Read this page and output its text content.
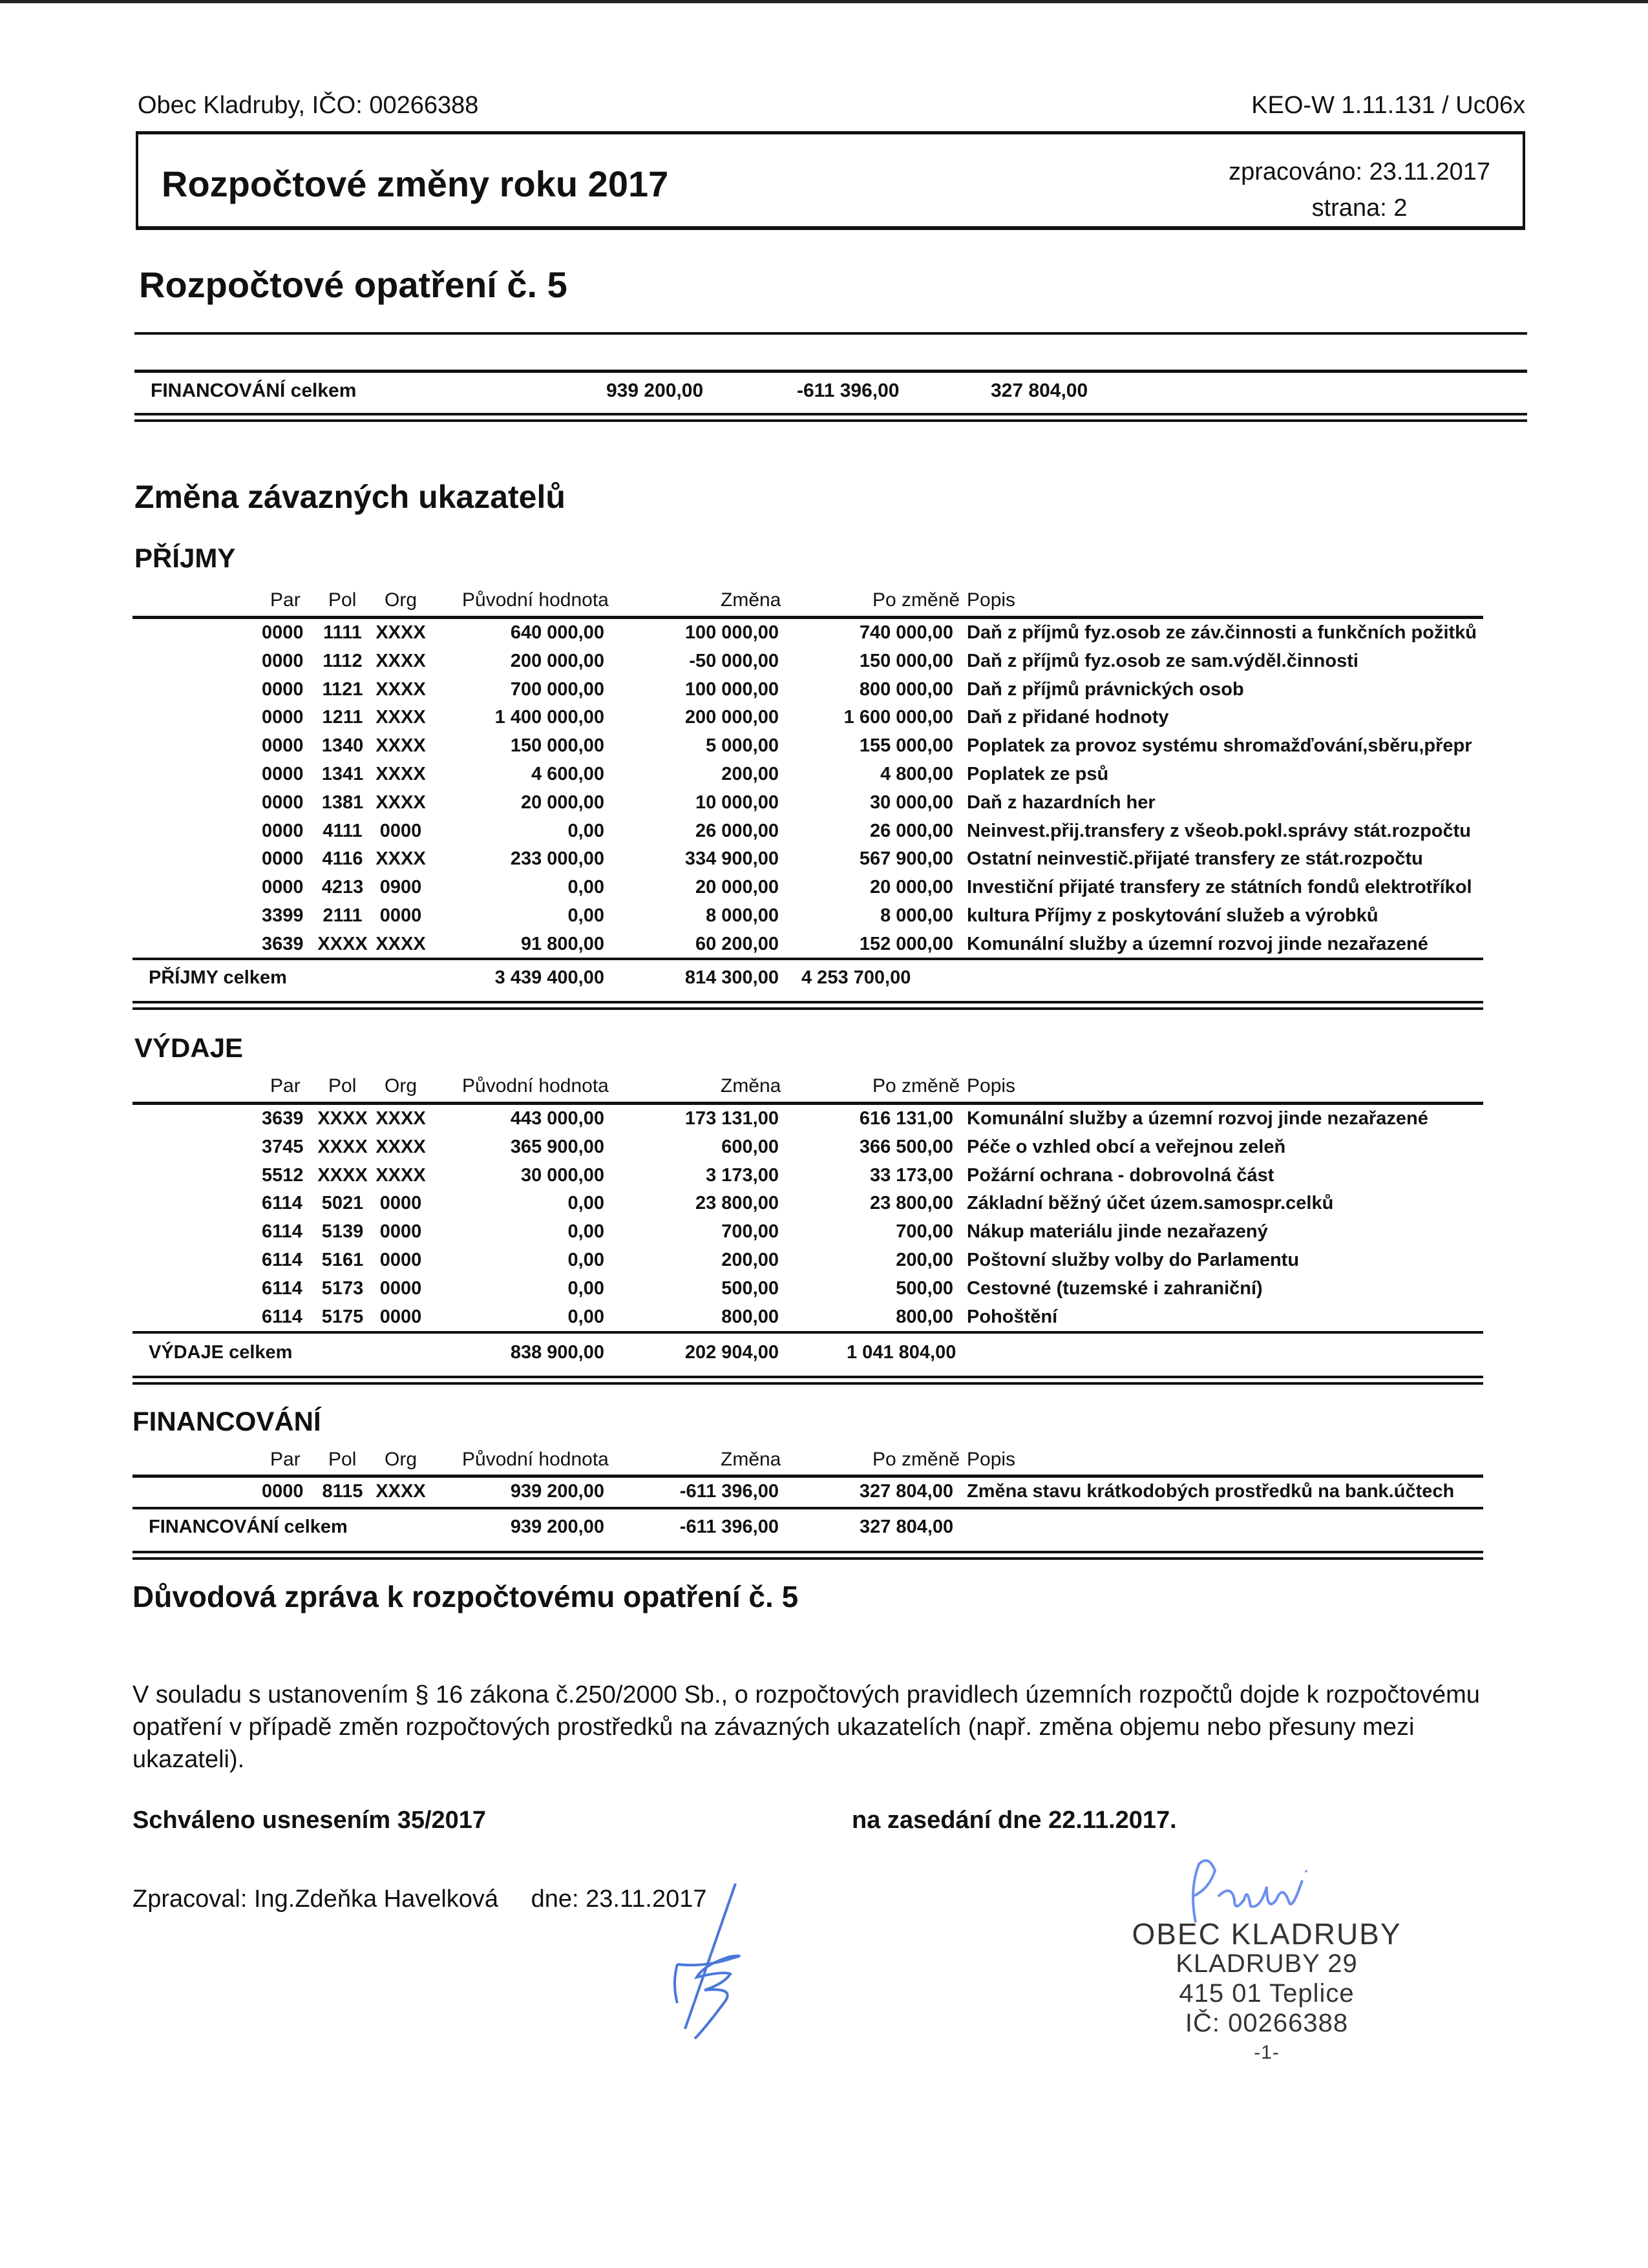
Obec Kladruby, IČO: 00266388	KEO-W 1.11.131 / Uc06x
Rozpočtové změny roku 2017	zpracováno: 23.11.2017
strana: 2
Rozpočtové opatření č. 5
FINANCOVÁNÍ celkem	939 200,00	-611 396,00	327 804,00
Změna závazných ukazatelů
PŘÍJMY
Par Pol Org Původní hodnota	Změna	Po změně Popis
0000	1111 XXXX	640 000,00	100 000,00	740 000,00 Daň z příjmů fyz.osob ze záv.činnosti a funkčních požitků
0000	1112 XXXX	200 000,00	-50 000,00	150 000,00 Daň z příjmů fyz.osob ze sam.výděl.činnosti
0000	1121 XXXX	700 000,00	100 000,00	800 000,00 Daň z příjmů právnických osob
0000	1211 XXXX	1 400 000,00	200 000,00	1 600 000,00 Daň z přidané hodnoty
0000 1340 XXXX	150 000,00	5 000,00	155 000,00 Poplatek za provoz systému shromažďování,sběru,přepr
0000 1341 XXXX	4 600,00	200,00	4 800,00 Poplatek ze psů
0000 1381 XXXX	20 000,00	10 000,00	30 000,00 Daň z hazardních her
0000	4111 0000	0,00	26 000,00	26 000,00 Neinvest.přij.transfery z všeob.pokl.správy stát.rozpočtu
0000	4116 XXXX	233 000,00	334 900,00	567 900,00 Ostatní neinvestič.přijaté transfery ze stát.rozpočtu
0000 4213 0900	0,00	20 000,00	20 000,00 Investiční přijaté transfery ze státních fondů elektrotříkol
3399	2111 0000	0,00	8 000,00	8 000,00 kultura Příjmy z poskytování služeb a výrobků
3639 XXXX XXXX	91 800,00	60 200,00	152 000,00 Komunální služby a územní rozvoj jinde nezařazené
PŘÍJMY celkem	3 439 400,00	814 300,00 4 253 700,00
VÝDAJE
Par Pol Org Původní hodnota	Změna	Po změně Popis
3639 XXXX XXXX	443 000,00	173 131,00	616 131,00 Komunální služby a územní rozvoj jinde nezařazené
3745 XXXX XXXX	365 900,00	600,00	366 500,00 Péče o vzhled obcí a veřejnou zeleň
5512 XXXX XXXX	30 000,00	3 173,00	33 173,00 Požární ochrana - dobrovolná část
6114	5021 0000	0,00	23 800,00	23 800,00 Základní běžný účet územ.samospr.celků
6114	5139 0000	0,00	700,00	700,00 Nákup materiálu jinde nezařazený
6114	5161 0000	0,00	200,00	200,00 Poštovní služby volby do Parlamentu
6114	5173 0000	0,00	500,00	500,00 Cestovné (tuzemské i zahraniční)
6114	5175 0000	0,00	800,00	800,00 Pohoštění
VÝDAJE celkem	838 900,00	202 904,00	1 041 804,00
FINANCOVÁNÍ
Par Pol Org Původní hodnota	Změna	Po změně Popis
0000	8115 XXXX	939 200,00	-611 396,00	327 804,00 Změna stavu krátkodobých prostředků na bank.účtech
FINANCOVÁNÍ celkem	939 200,00	-611 396,00	327 804,00
Důvodová zpráva k rozpočtovému opatření č. 5
V souladu s ustanovením § 16 zákona č.250/2000 Sb., o rozpočtových pravidlech územních rozpočtů dojde k rozpočtovému opatření v případě změn rozpočtových prostředků na závazných ukazatelích (např. změna objemu nebo přesuny mezi ukazateli).
Schváleno usnesením 35/2017	na zasedání dne 22.11.2017.
Zpracoval: Ing.Zdeňka Havelková dne: 23.11.2017
OBEC KLADRUBY
KLADRUBY 29
415 01 Teplice
IČ: 00266388
-1-
